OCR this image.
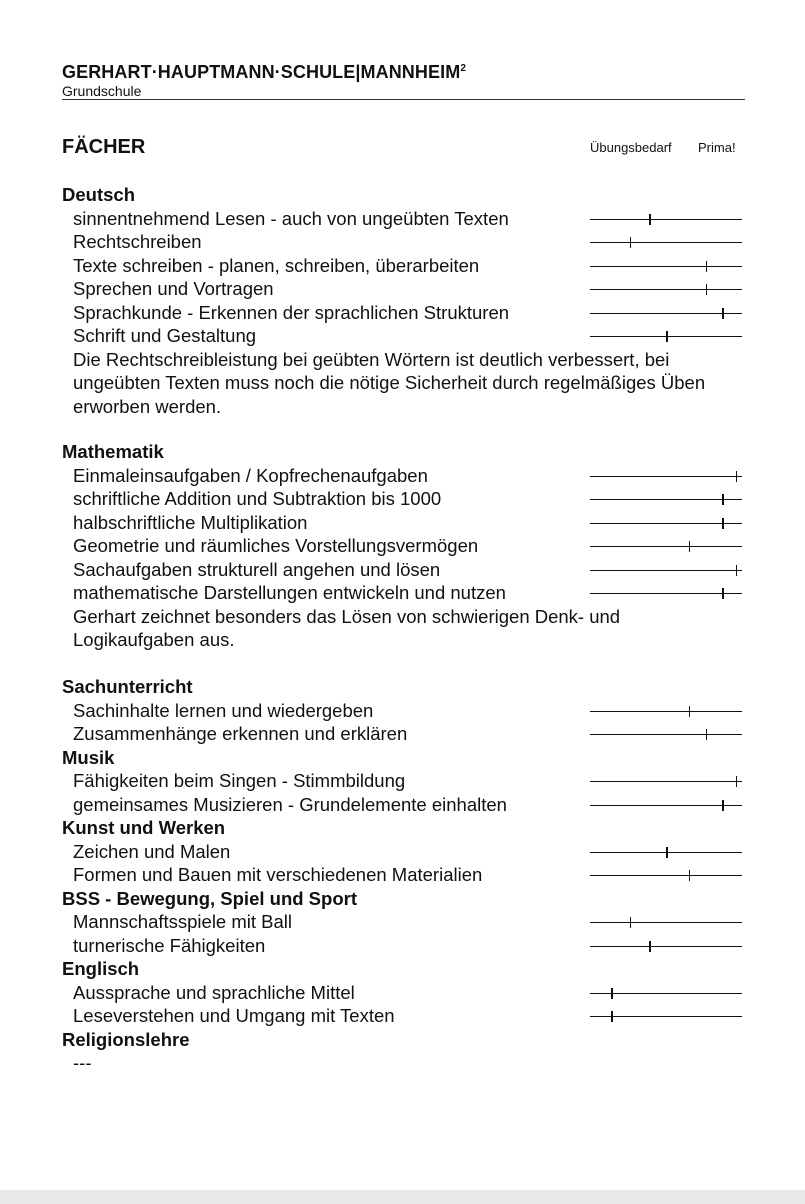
$GERHART\cdot HAUPTMANN\cdot SCHULE|MANNHEIM^2$
Grundschule
FÄCHER	Übungsbedarf Prima!
Deutsch
sinnentnehmend Lesen - auch von ungeübten Texten
Rechtschreiben
Texte schreiben - planen, schreiben, überarbeiten
Sprechen und Vortragen
Sprachkunde - Erkennen der sprachlichen Strukturen
Schrift und Gestaltung
Die Rechtschreibleistung bei geübten Wörtern ist deutlich verbessert, bei ungeübten Texten muss noch die nötige Sicherheit durch regelmäßiges Üben erworben werden.
Mathematik
Einmaleinsaufgaben / Kopfrechenaufgaben
schriftliche Addition und Subtraktion bis 1000
halbschriftliche Multiplikation
Geometrie und räumliches Vorstellungsvermögen
Sachaufgaben strukturell angehen und lösen
mathematische Darstellungen entwickeln und nutzen
Gerhart zeichnet besonders das Lösen von schwierigen Denk- und Logikaufgaben aus.
Sachunterricht
Sachinhalte lernen und wiedergeben
Zusammenhänge erkennen und erklären
Musik
Fähigkeiten beim Singen - Stimmbildung
gemeinsames Musizieren - Grundelemente einhalten
Kunst und Werken
Zeichen und Malen
Formen und Bauen mit verschiedenen Materialien
BSS - Bewegung, Spiel und Sport
Mannschaftsspiele mit Ball
turnerische Fähigkeiten
Englisch
Aussprache und sprachliche Mittel
Leseverstehen und Umgang mit Texten
Religionslehre
---
